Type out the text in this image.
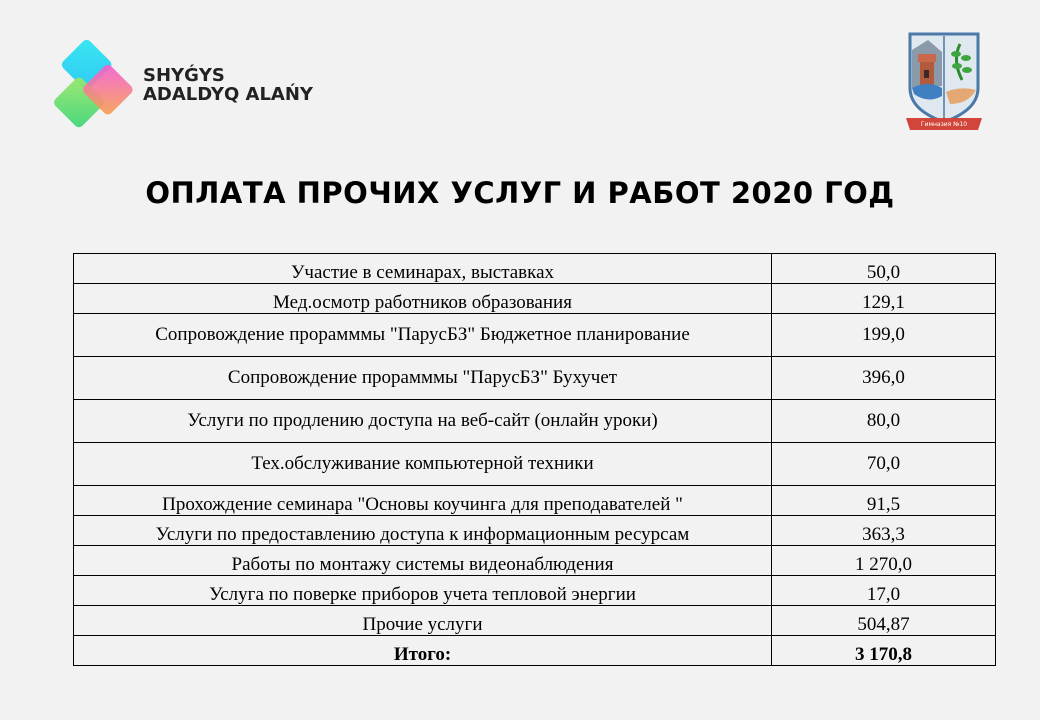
SHYǴYS
ADALDYQ ALAŃY
Гимназия №10
ОПЛАТА ПРОЧИХ УСЛУГ И РАБОТ 2020 ГОД
Участие в семинарах, выставках	50,0
Мед.осмотр работников образования	129,1
Сопровождение прорамммы "ПарусБЗ" Бюджетное планирование	199,0
Сопровождение прорамммы "ПарусБЗ" Бухучет	396,0
Услуги по продлению доступа на веб-сайт (онлайн уроки)	80,0
Тех.обслуживание компьютерной техники	70,0
Прохождение семинара "Основы коучинга для преподавателей "	91,5
Услуги по предоставлению доступа к информационным ресурсам	363,3
Работы по монтажу системы видеонаблюдения	1 270,0
Услуга по поверке приборов учета тепловой энергии	17,0
Прочие услуги	504,87
Итого:	3 170,8
